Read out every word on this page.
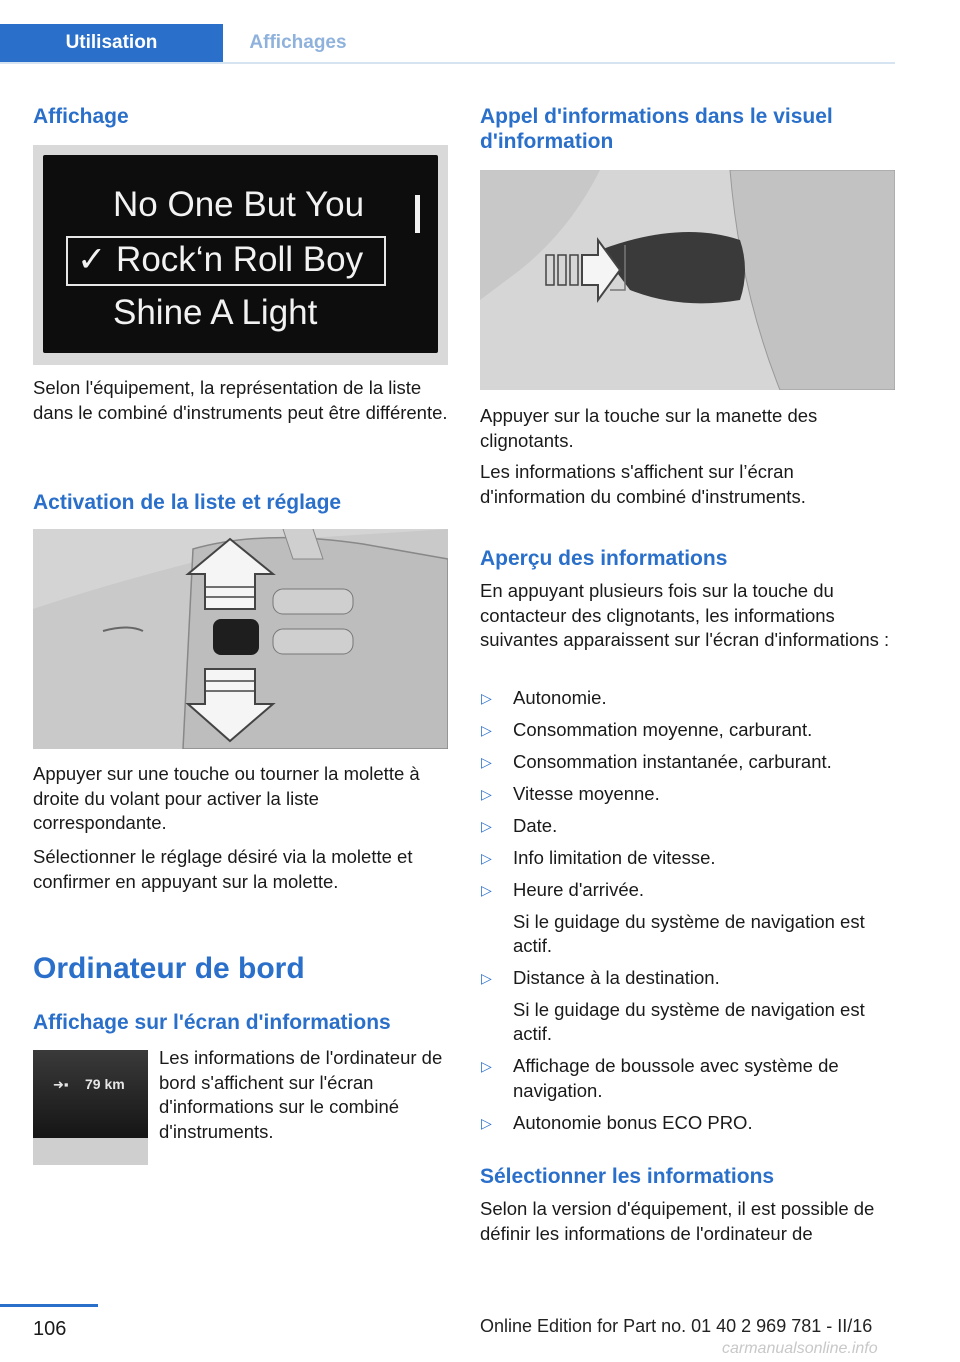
Utilisation	Affichages
Affichage
No One But You
✓ Rock‘n Roll Boy
Shine A Light

Selon l'équipement, la représentation de la liste dans le combiné d'instruments peut être différente.

Activation de la liste et réglage

Appuyer sur une touche ou tourner la molette à droite du volant pour activer la liste correspondante.

Sélectionner le réglage désiré via la molette et confirmer en appuyant sur la molette.

Ordinateur de bord
Affichage sur l'écran d'informations
➜▪ 79 km

Les informations de l'ordinateur de bord s'affichent sur l'écran d'informations sur le combiné d'instruments.

Appel d'informations dans le visuel d'information

Appuyer sur la touche sur la manette des clignotants.

Les informations s'affichent sur l’écran d'information du combiné d'instruments.

Aperçu des informations

En appuyant plusieurs fois sur la touche du contacteur des clignotants, les informations suivantes apparaissent sur l'écran d'informations :

▷ Autonomie.
▷ Consommation moyenne, carburant.
▷ Consommation instantanée, carburant.
▷ Vitesse moyenne.
▷ Date.
▷ Info limitation de vitesse.
▷ Heure d'arrivée.
Si le guidage du système de navigation est actif.
▷ Distance à la destination.
Si le guidage du système de navigation est actif.
▷ Affichage de boussole avec système de navigation.
▷ Autonomie bonus ECO PRO.
Sélectionner les informations

Selon la version d'équipement, il est possible de définir les informations de l'ordinateur de

106	Online Edition for Part no. 01 40 2 969 781 - II/16
carmanualsonline.info
